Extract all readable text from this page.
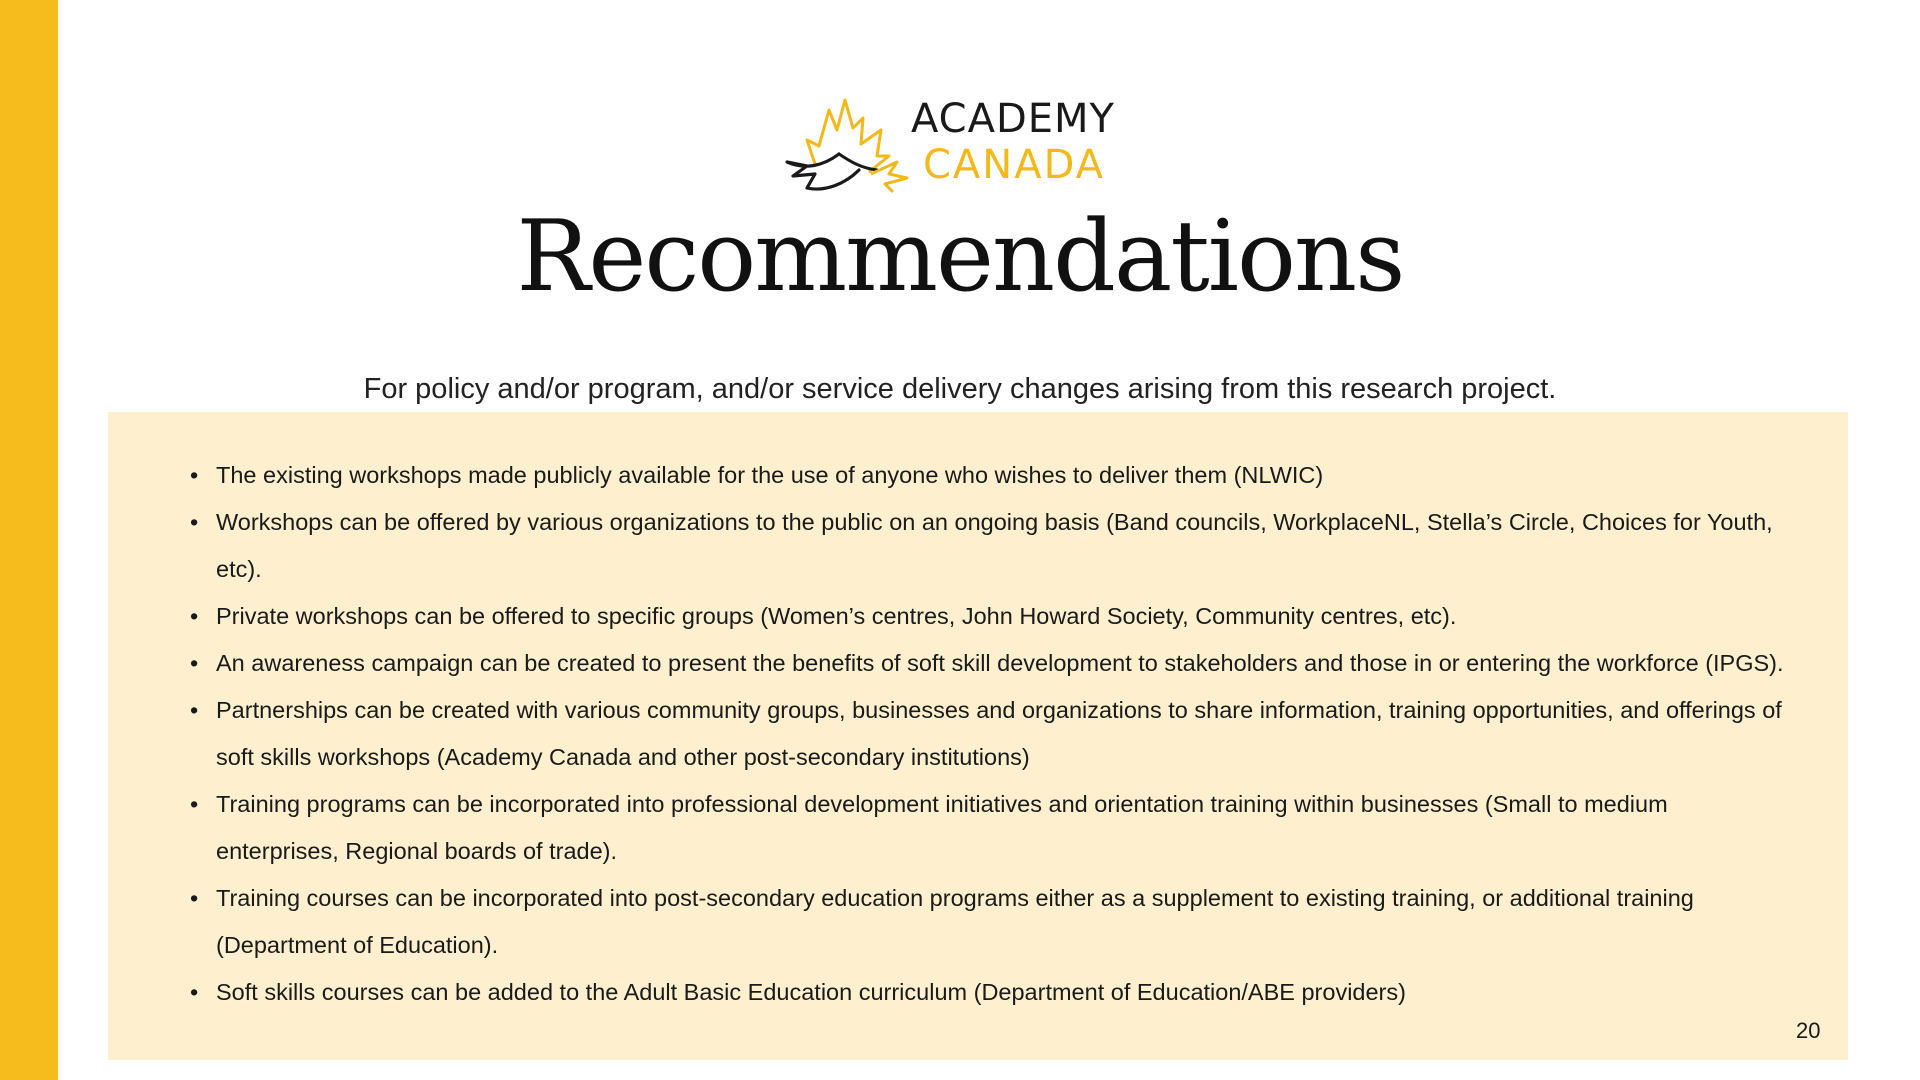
ACADEMY
CANADA
Recommendations

For policy and/or program, and/or service delivery changes arising from this research project.

• The existing workshops made publicly available for the use of anyone who wishes to deliver them (NLWIC)
• Workshops can be offered by various organizations to the public on an ongoing basis (Band councils, WorkplaceNL, Stella’s Circle, Choices for Youth, etc).
• Private workshops can be offered to specific groups (Women’s centres, John Howard Society, Community centres, etc).
• An awareness campaign can be created to present the benefits of soft skill development to stakeholders and those in or entering the workforce (IPGS).
• Partnerships can be created with various community groups, businesses and organizations to share information, training opportunities, and offerings of soft skills workshops (Academy Canada and other post-secondary institutions)
• Training programs can be incorporated into professional development initiatives and orientation training within businesses (Small to medium enterprises, Regional boards of trade).
• Training courses can be incorporated into post-secondary education programs either as a supplement to existing training, or additional training (Department of Education).
• Soft skills courses can be added to the Adult Basic Education curriculum (Department of Education/ABE providers)
20
